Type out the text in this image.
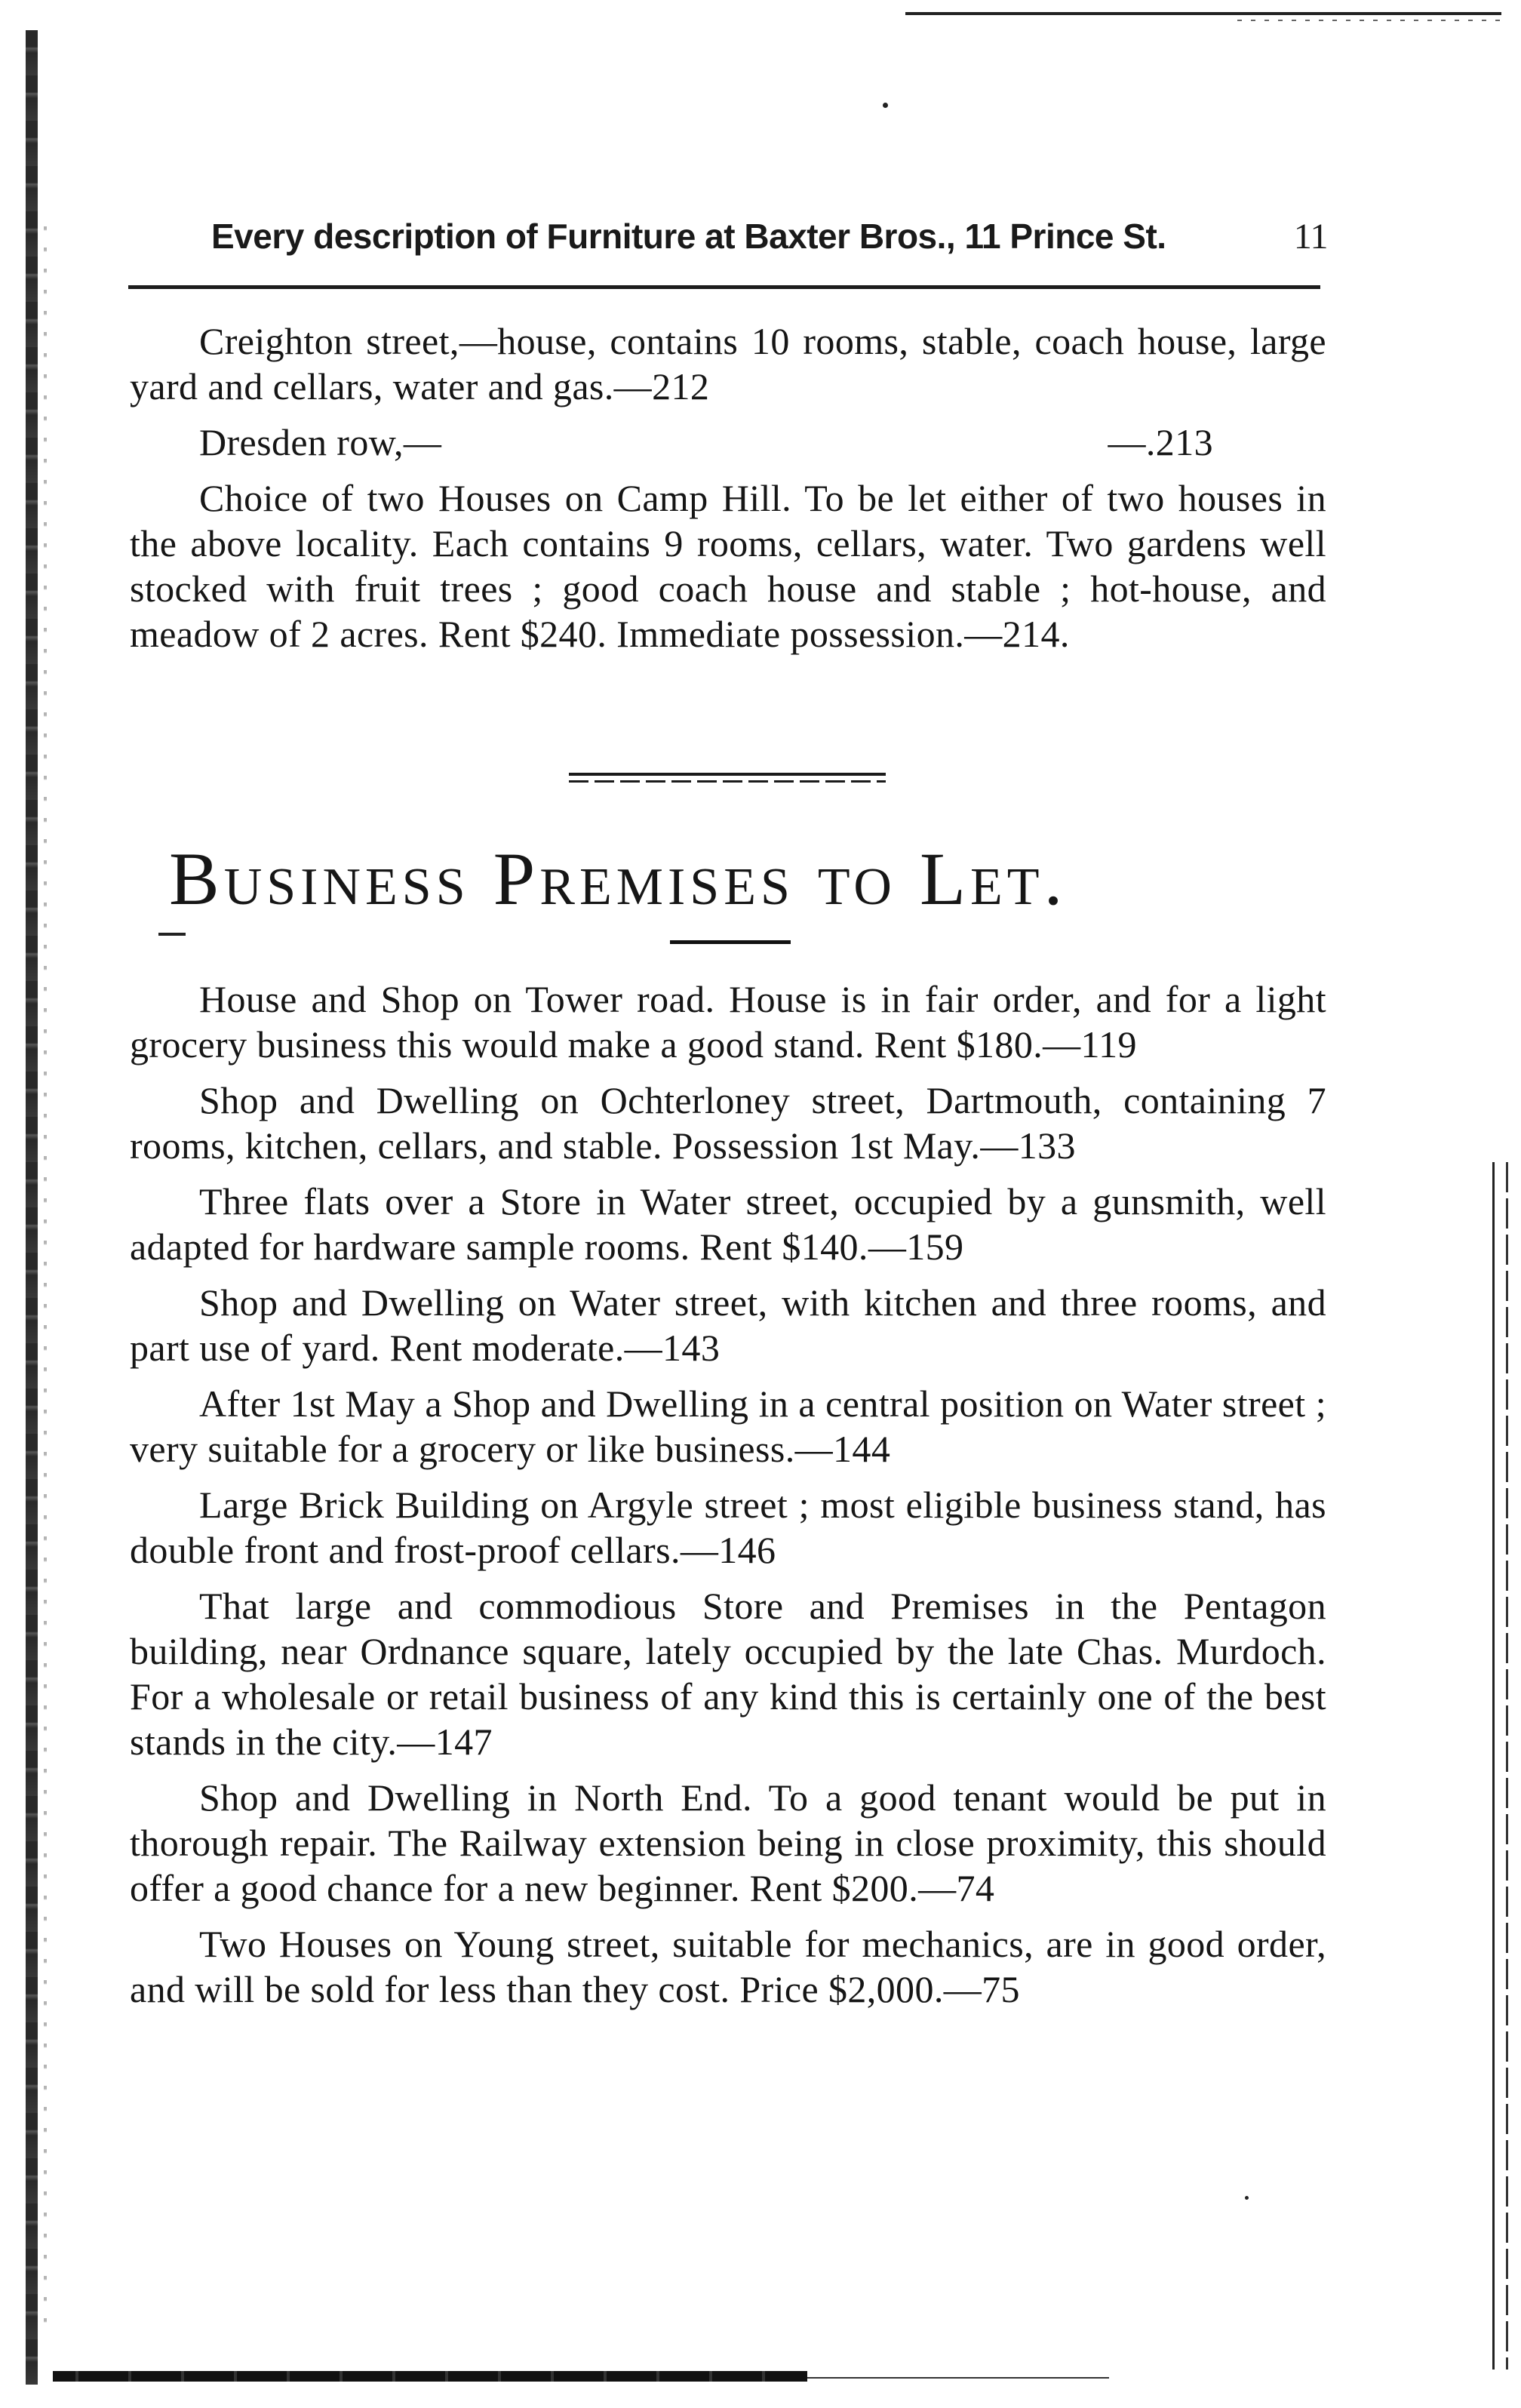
Every description of Furniture at Baxter Bros., 11 Prince St.	11

Creighton street,—house, contains 10 rooms, stable, coach house, large yard and cellars, water and gas.—212

Dresden row,—	—.213

Choice of two Houses on Camp Hill. To be let either of two houses in the above locality. Each contains 9 rooms, cellars, water. Two gardens well stocked with fruit trees ; good coach house and stable ; hot-house, and meadow of 2 acres. Rent $240. Immediate possession.—214.

Business Premises to Let.

House and Shop on Tower road. House is in fair order, and for a light grocery business this would make a good stand. Rent $180.—119

Shop and Dwelling on Ochterloney street, Dartmouth, containing 7 rooms, kitchen, cellars, and stable. Possession 1st May.—133

Three flats over a Store in Water street, occupied by a gunsmith, well adapted for hardware sample rooms. Rent $140.—159

Shop and Dwelling on Water street, with kitchen and three rooms, and part use of yard. Rent moderate.—143

After 1st May a Shop and Dwelling in a central position on Water street ; very suitable for a grocery or like business.—144

Large Brick Building on Argyle street ; most eligible business stand, has double front and frost-proof cellars.—146

That large and commodious Store and Premises in the Pentagon building, near Ordnance square, lately occupied by the late Chas. Murdoch. For a wholesale or retail business of any kind this is certainly one of the best stands in the city.—147

Shop and Dwelling in North End. To a good tenant would be put in thorough repair. The Railway extension being in close proximity, this should offer a good chance for a new beginner. Rent $200.—74

Two Houses on Young street, suitable for mechanics, are in good order, and will be sold for less than they cost. Price $2,000.—75
